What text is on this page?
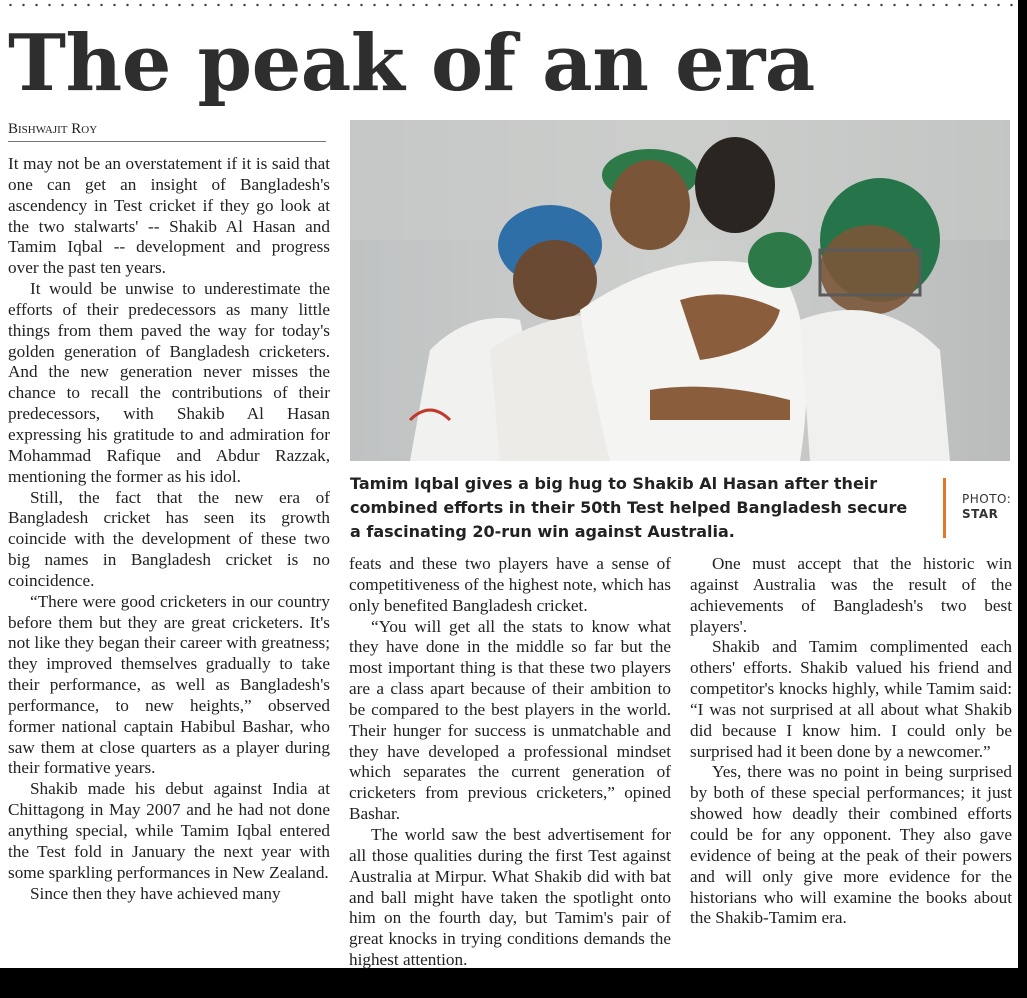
The peak of an era
Bishwajit Roy

It may not be an overstatement if it is said that one can get an insight of Bangladesh's ascendency in Test cricket if they go look at the two stalwarts' -- Shakib Al Hasan and Tamim Iqbal -- development and progress over the past ten years.

It would be unwise to underestimate the efforts of their predecessors as many little things from them paved the way for today's golden generation of Bangladesh cricketers. And the new generation never misses the chance to recall the contributions of their predecessors, with Shakib Al Hasan expressing his gratitude to and admiration for Mohammad Rafique and Abdur Razzak, mentioning the former as his idol.

Still, the fact that the new era of Bangladesh cricket has seen its growth coincide with the development of these two big names in Bangladesh cricket is no coincidence.

“There were good cricketers in our country before them but they are great cricketers. It's not like they began their career with greatness; they improved themselves gradually to take their performance, as well as Bangladesh's performance, to new heights,” observed former national captain Habibul Bashar, who saw them at close quarters as a player during their formative years.

Shakib made his debut against India at Chittagong in May 2007 and he had not done anything special, while Tamim Iqbal entered the Test fold in January the next year with some sparkling performances in New Zealand.

Since then they have achieved many

Tamim Iqbal gives a big hug to Shakib Al Hasan after their combined efforts in their 50th Test helped Bangladesh secure a fascinating 20-run win against Australia.
PHOTO:
STAR

feats and these two players have a sense of competitiveness of the highest note, which has only benefited Bangladesh cricket.

“You will get all the stats to know what they have done in the middle so far but the most important thing is that these two players are a class apart because of their ambition to be compared to the best players in the world. Their hunger for success is unmatchable and they have developed a professional mindset which separates the current generation of cricketers from previous cricketers,” opined Bashar.

The world saw the best advertisement for all those qualities during the first Test against Australia at Mirpur. What Shakib did with bat and ball might have taken the spotlight onto him on the fourth day, but Tamim's pair of great knocks in trying conditions demands the highest attention.

One must accept that the historic win against Australia was the result of the achievements of Bangladesh's two best players'.

Shakib and Tamim complimented each others' efforts. Shakib valued his friend and competitor's knocks highly, while Tamim said: “I was not surprised at all about what Shakib did because I know him. I could only be surprised had it been done by a newcomer.”

Yes, there was no point in being surprised by both of these special performances; it just showed how deadly their combined efforts could be for any opponent. They also gave evidence of being at the peak of their powers and will only give more evidence for the historians who will examine the books about the Shakib-Tamim era.
